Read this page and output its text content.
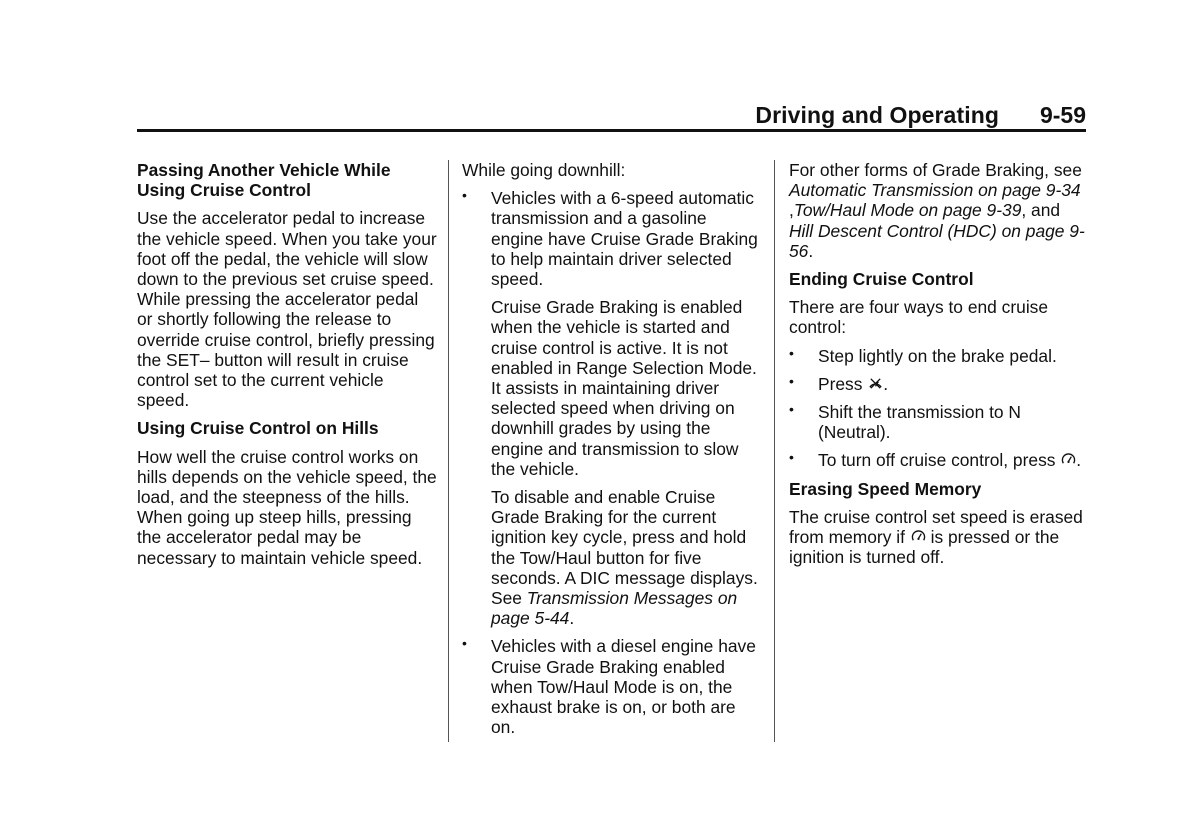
Driving and Operating 9-59
Passing Another Vehicle While Using Cruise Control
Use the accelerator pedal to increase the vehicle speed. When you take your foot off the pedal, the vehicle will slow down to the previous set cruise speed. While pressing the accelerator pedal or shortly following the release to override cruise control, briefly pressing the SET– button will result in cruise control set to the current vehicle speed.
Using Cruise Control on Hills
How well the cruise control works on hills depends on the vehicle speed, the load, and the steepness of the hills. When going up steep hills, pressing the accelerator pedal may be necessary to maintain vehicle speed.
While going downhill:
• Vehicles with a 6-speed automatic transmission and a gasoline engine have Cruise Grade Braking to help maintain driver selected speed.
Cruise Grade Braking is enabled when the vehicle is started and cruise control is active. It is not enabled in Range Selection Mode. It assists in maintaining driver selected speed when driving on downhill grades by using the engine and transmission to slow the vehicle.
To disable and enable Cruise Grade Braking for the current ignition key cycle, press and hold the Tow/Haul button for five seconds. A DIC message displays. See Transmission Messages on page 5-44.
• Vehicles with a diesel engine have Cruise Grade Braking enabled when Tow/Haul Mode is on, the exhaust brake is on, or both are on.
For other forms of Grade Braking, see Automatic Transmission on page 9-34 ,Tow/Haul Mode on page 9-39, and Hill Descent Control (HDC) on page 9-56.
Ending Cruise Control
There are four ways to end cruise control:
• Step lightly on the brake pedal.
• Press .
• Shift the transmission to N (Neutral).
• To turn off cruise control, press .
Erasing Speed Memory
The cruise control set speed is erased from memory if  is pressed or the ignition is turned off.
